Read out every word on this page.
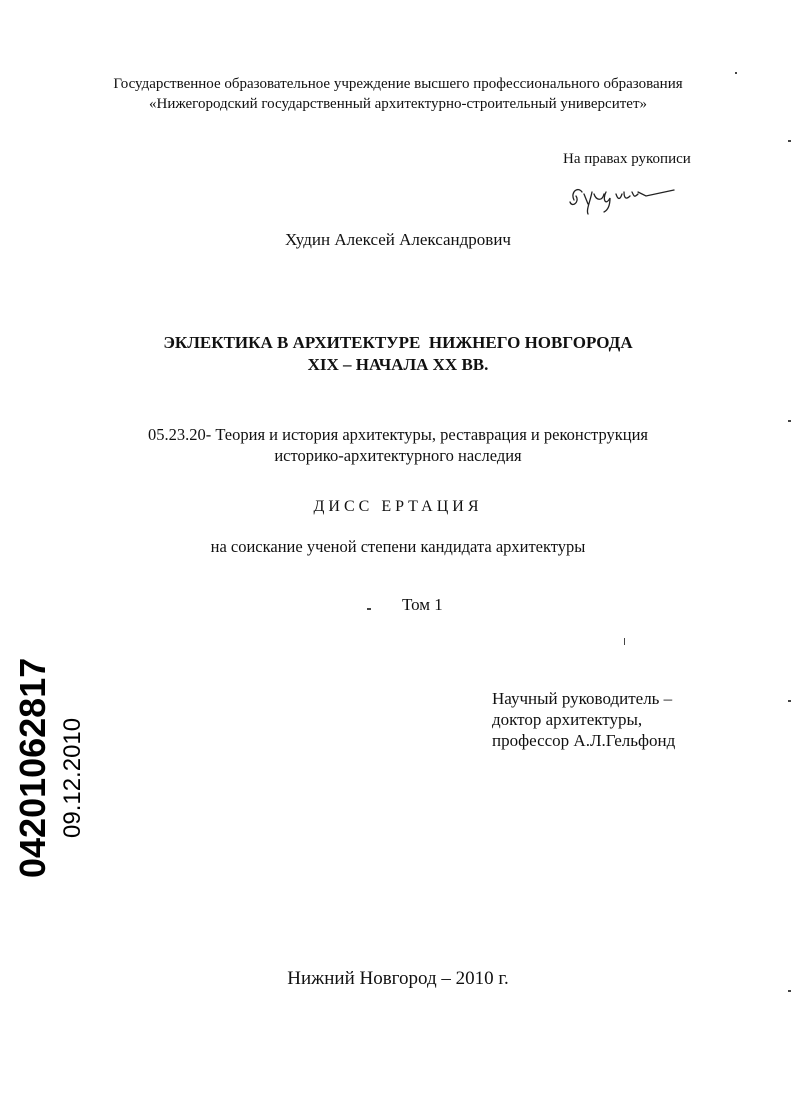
Государственное образовательное учреждение высшего профессионального образования
«Нижегородский государственный архитектурно-строительный университет»
На правах рукописи
Худин Алексей Александрович
ЭКЛЕКТИКА В АРХИТЕКТУРЕ  НИЖНЕГО НОВГОРОДА
XIX – НАЧАЛА XX ВВ.
05.23.20- Теория и история архитектуры, реставрация и реконструкция
историко-архитектурного наследия
ДИСС ЕРТАЦИЯ
на соискание ученой степени кандидата архитектуры
Том 1
Научный руководитель –
доктор архитектуры,
профессор А.Л.Гельфонд
Нижний Новгород – 2010 г.
04201062817 09.12.2010
